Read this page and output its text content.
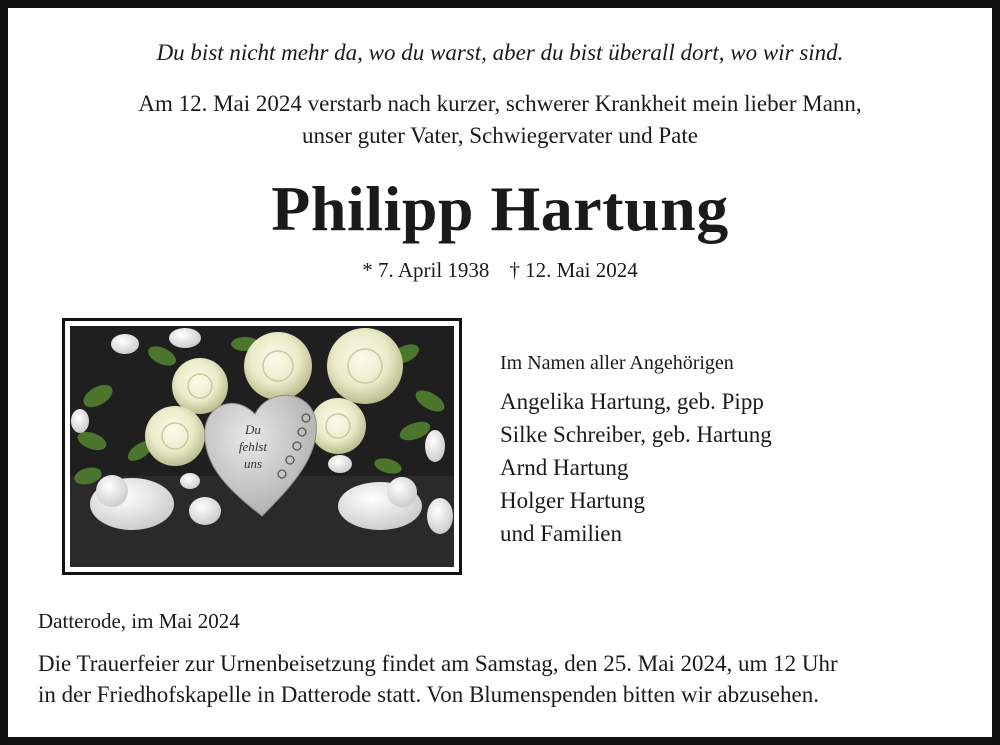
Du bist nicht mehr da, wo du warst, aber du bist überall dort, wo wir sind.
Am 12. Mai 2024 verstarb nach kurzer, schwerer Krankheit mein lieber Mann,
unser guter Vater, Schwiegervater und Pate
Philipp Hartung
* 7. April 1938 † 12. Mai 2024
Du
fehlst
uns
Im Namen aller Angehörigen
Angelika Hartung, geb. Pipp
Silke Schreiber, geb. Hartung
Arnd Hartung
Holger Hartung
und Familien
Datterode, im Mai 2024
Die Trauerfeier zur Urnenbeisetzung findet am Samstag, den 25. Mai 2024, um 12 Uhr
in der Friedhofskapelle in Datterode statt. Von Blumenspenden bitten wir abzusehen.
